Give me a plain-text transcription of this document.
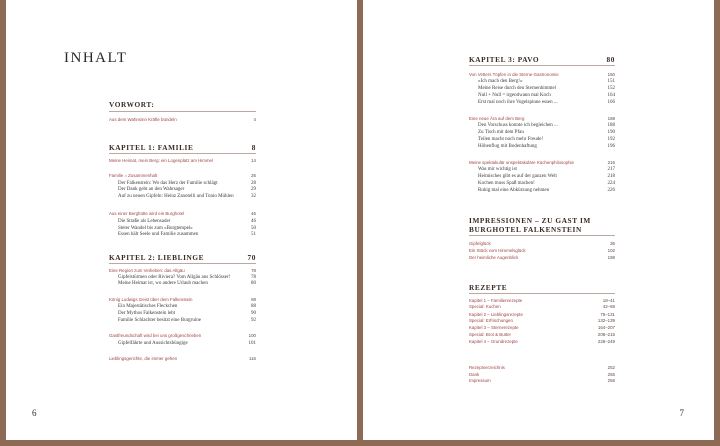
INHALT
VORWORT:
Aus dem Wahnsinn Kräfte bündeln	4
KAPITEL 1: FAMILIE	8
Meine Heimat, mein Berg: ein Logenplatz am Himmel	14
Familie = Zusammenhalt	26
Der Falkenstein: Wo das Herz der Familie schlägt	28
Der Dank geht an den Wahrsager	29
Auf zu neuen Gipfeln: Heinz Zanotelli und Tonio Mühlen	32
Aus einer Berghütte wird ein Burghotel	46
Die Straße als Lebensader	46
Steter Wandel bis zum »Burgtempel«	50
Essen hält Seele und Familie zusammen	51
KAPITEL 2: LIEBLINGE	70
Eine Region zum Verlieben: das Allgäu	78
Gipfelstürmen oder Riviera? Vom Allgäu ans Schlösser!	78
Meine Heimat ist, wo andere Urlaub machen	80
König Ludwigs Geist über dem Falkenstein	88
Ein Majestätisches Fleckchen	88
Der Mythos Falkenstein lebt	90
Familie Schlachter besitzt eine Burgruine	92
Gastfreundschaft wird bei uns großgeschrieben	100
Gipfelfährte und Aussichtsbüngige	101
Lieblingsgerichte, die immer gehen	116
6
KAPITEL 3: PAVO	80
Von Vetters Töpfen in die Sterne-Gastronomie	150
»Ich mach den Berg!«	151
Meine Reise durch den Sternenhimmel	152
Null + Null = irgendwann mal Koch	164
Erst mal noch ihre Vogelspinne essen ...	166
Eine neue Ära auf dem Berg	188
Den Vorschuss konnte ich begleichen ...	188
Zu Tisch mit dem Pfau	190
Teilen macht noch mehr Freude!	192
Höhenflug mit Bodenhaftung	196
Meine spektakulär unspektakuläre Küchenphilosophie	216
Was mir wichtig ist	217
Heimisches gibt es auf der ganzen Welt	218
Kochen muss Spaß machen!	224
Ruhig mal eine Abkürzung nehmen	226
IMPRESSIONEN – ZU GAST IM BURGHOTEL FALKENSTEIN
Gipfelglück	36
Ein Stück vom Himmelsglück	102
Der heimliche Augenblick	198
REZEPTE
Kapitel 1 – Familienrezepte	18–41
Special: Kuchen	42–69
Kapitel 2 – Lieblingsrezepte	75–131
Special: Erfrischungen	132–139
Kapitel 3 – Sternerezepte	164–207
Special: Brot & Butter	208–215
Kapitel 4 – Grundrezepte	228–249
Rezeptverzeichnis	252
Dank	255
Impressum	256
7
